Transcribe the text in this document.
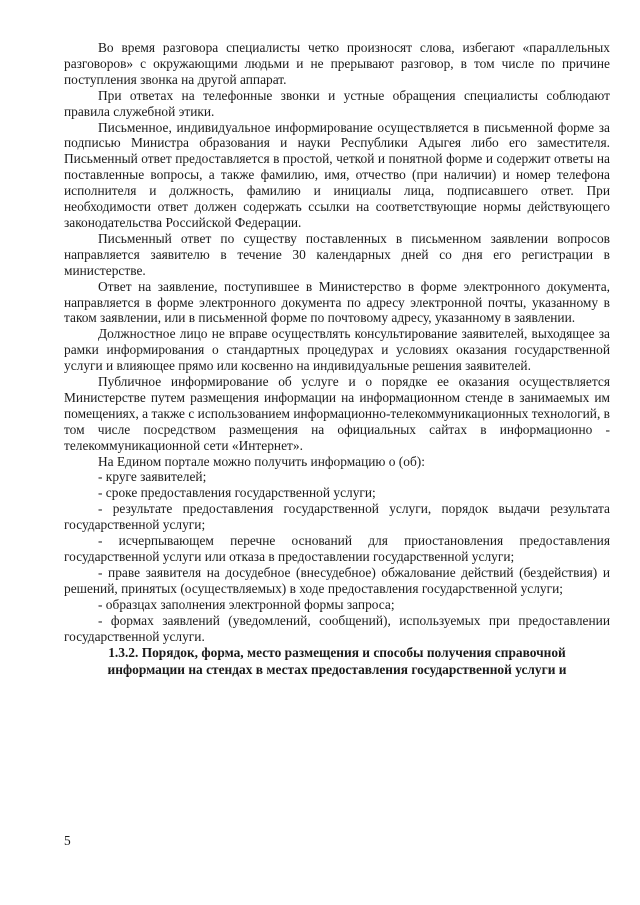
Во время разговора специалисты четко произносят слова, избегают «параллельных разговоров» с окружающими людьми и не прерывают разговор, в том числе по причине поступления звонка на другой аппарат.

При ответах на телефонные звонки и устные обращения специалисты соблюдают правила служебной этики.

Письменное, индивидуальное информирование осуществляется в письменной форме за подписью Министра образования и науки Республики Адыгея либо его заместителя. Письменный ответ предоставляется в простой, четкой и понятной форме и содержит ответы на поставленные вопросы, а также фамилию, имя, отчество (при наличии) и номер телефона исполнителя и должность, фамилию и инициалы лица, подписавшего ответ. При необходимости ответ должен содержать ссылки на соответствующие нормы действующего законодательства Российской Федерации.

Письменный ответ по существу поставленных в письменном заявлении вопросов направляется заявителю в течение 30 календарных дней со дня его регистрации в министерстве.

Ответ на заявление, поступившее в Министерство в форме электронного документа, направляется в форме электронного документа по адресу электронной почты, указанному в таком заявлении, или в письменной форме по почтовому адресу, указанному в заявлении.

Должностное лицо не вправе осуществлять консультирование заявителей, выходящее за рамки информирования о стандартных процедурах и условиях оказания государственной услуги и влияющее прямо или косвенно на индивидуальные решения заявителей.

Публичное информирование об услуге и о порядке ее оказания осуществляется Министерстве путем размещения информации на информационном стенде в занимаемых им помещениях, а также с использованием информационно-телекоммуникационных технологий, в том числе посредством размещения на официальных сайтах в информационно - телекоммуникационной сети «Интернет».

На Едином портале можно получить информацию о (об):

- круге заявителей;

- сроке предоставления государственной услуги;

- результате предоставления государственной услуги, порядок выдачи результата государственной услуги;

- исчерпывающем перечне оснований для приостановления предоставления государственной услуги или отказа в предоставлении государственной услуги;

- праве заявителя на досудебное (внесудебное) обжалование действий (бездействия) и решений, принятых (осуществляемых) в ходе предоставления государственной услуги;

- образцах заполнения электронной формы запроса;

- формах заявлений (уведомлений, сообщений), используемых при предоставлении государственной услуги.

1.3.2. Порядок, форма, место размещения и способы получения справочной информации на стендах в местах предоставления государственной услуги и

5
